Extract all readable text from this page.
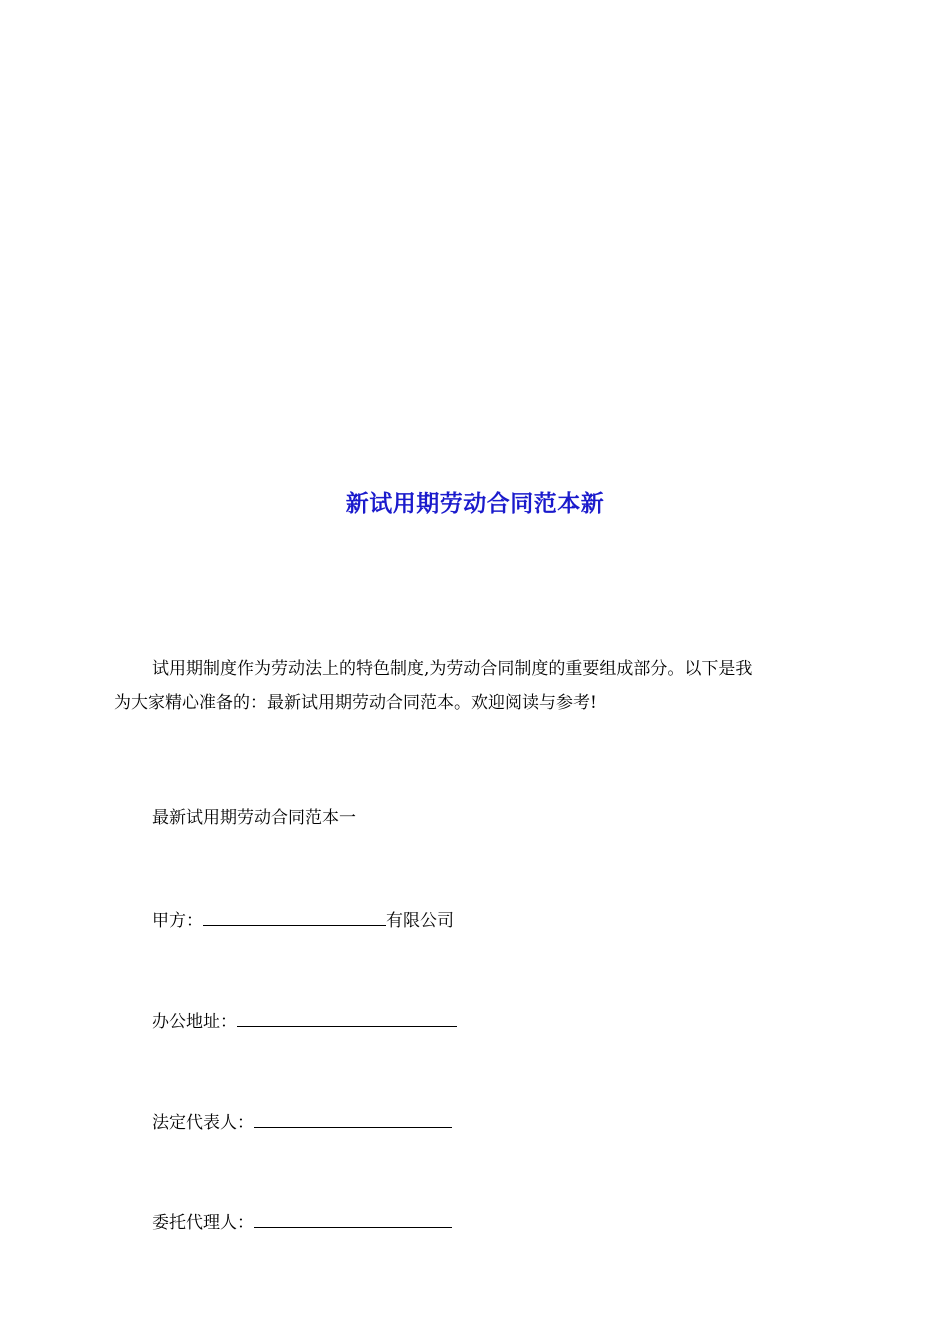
新试用期劳动合同范本新

试用期制度作为劳动法上的特色制度,为劳动合同制度的重要组成部分。以下是我

为大家精心准备的：最新试用期劳动合同范本。欢迎阅读与参考!

最新试用期劳动合同范本一
甲方：	有限公司
办公地址：
法定代表人：
委托代理人：
